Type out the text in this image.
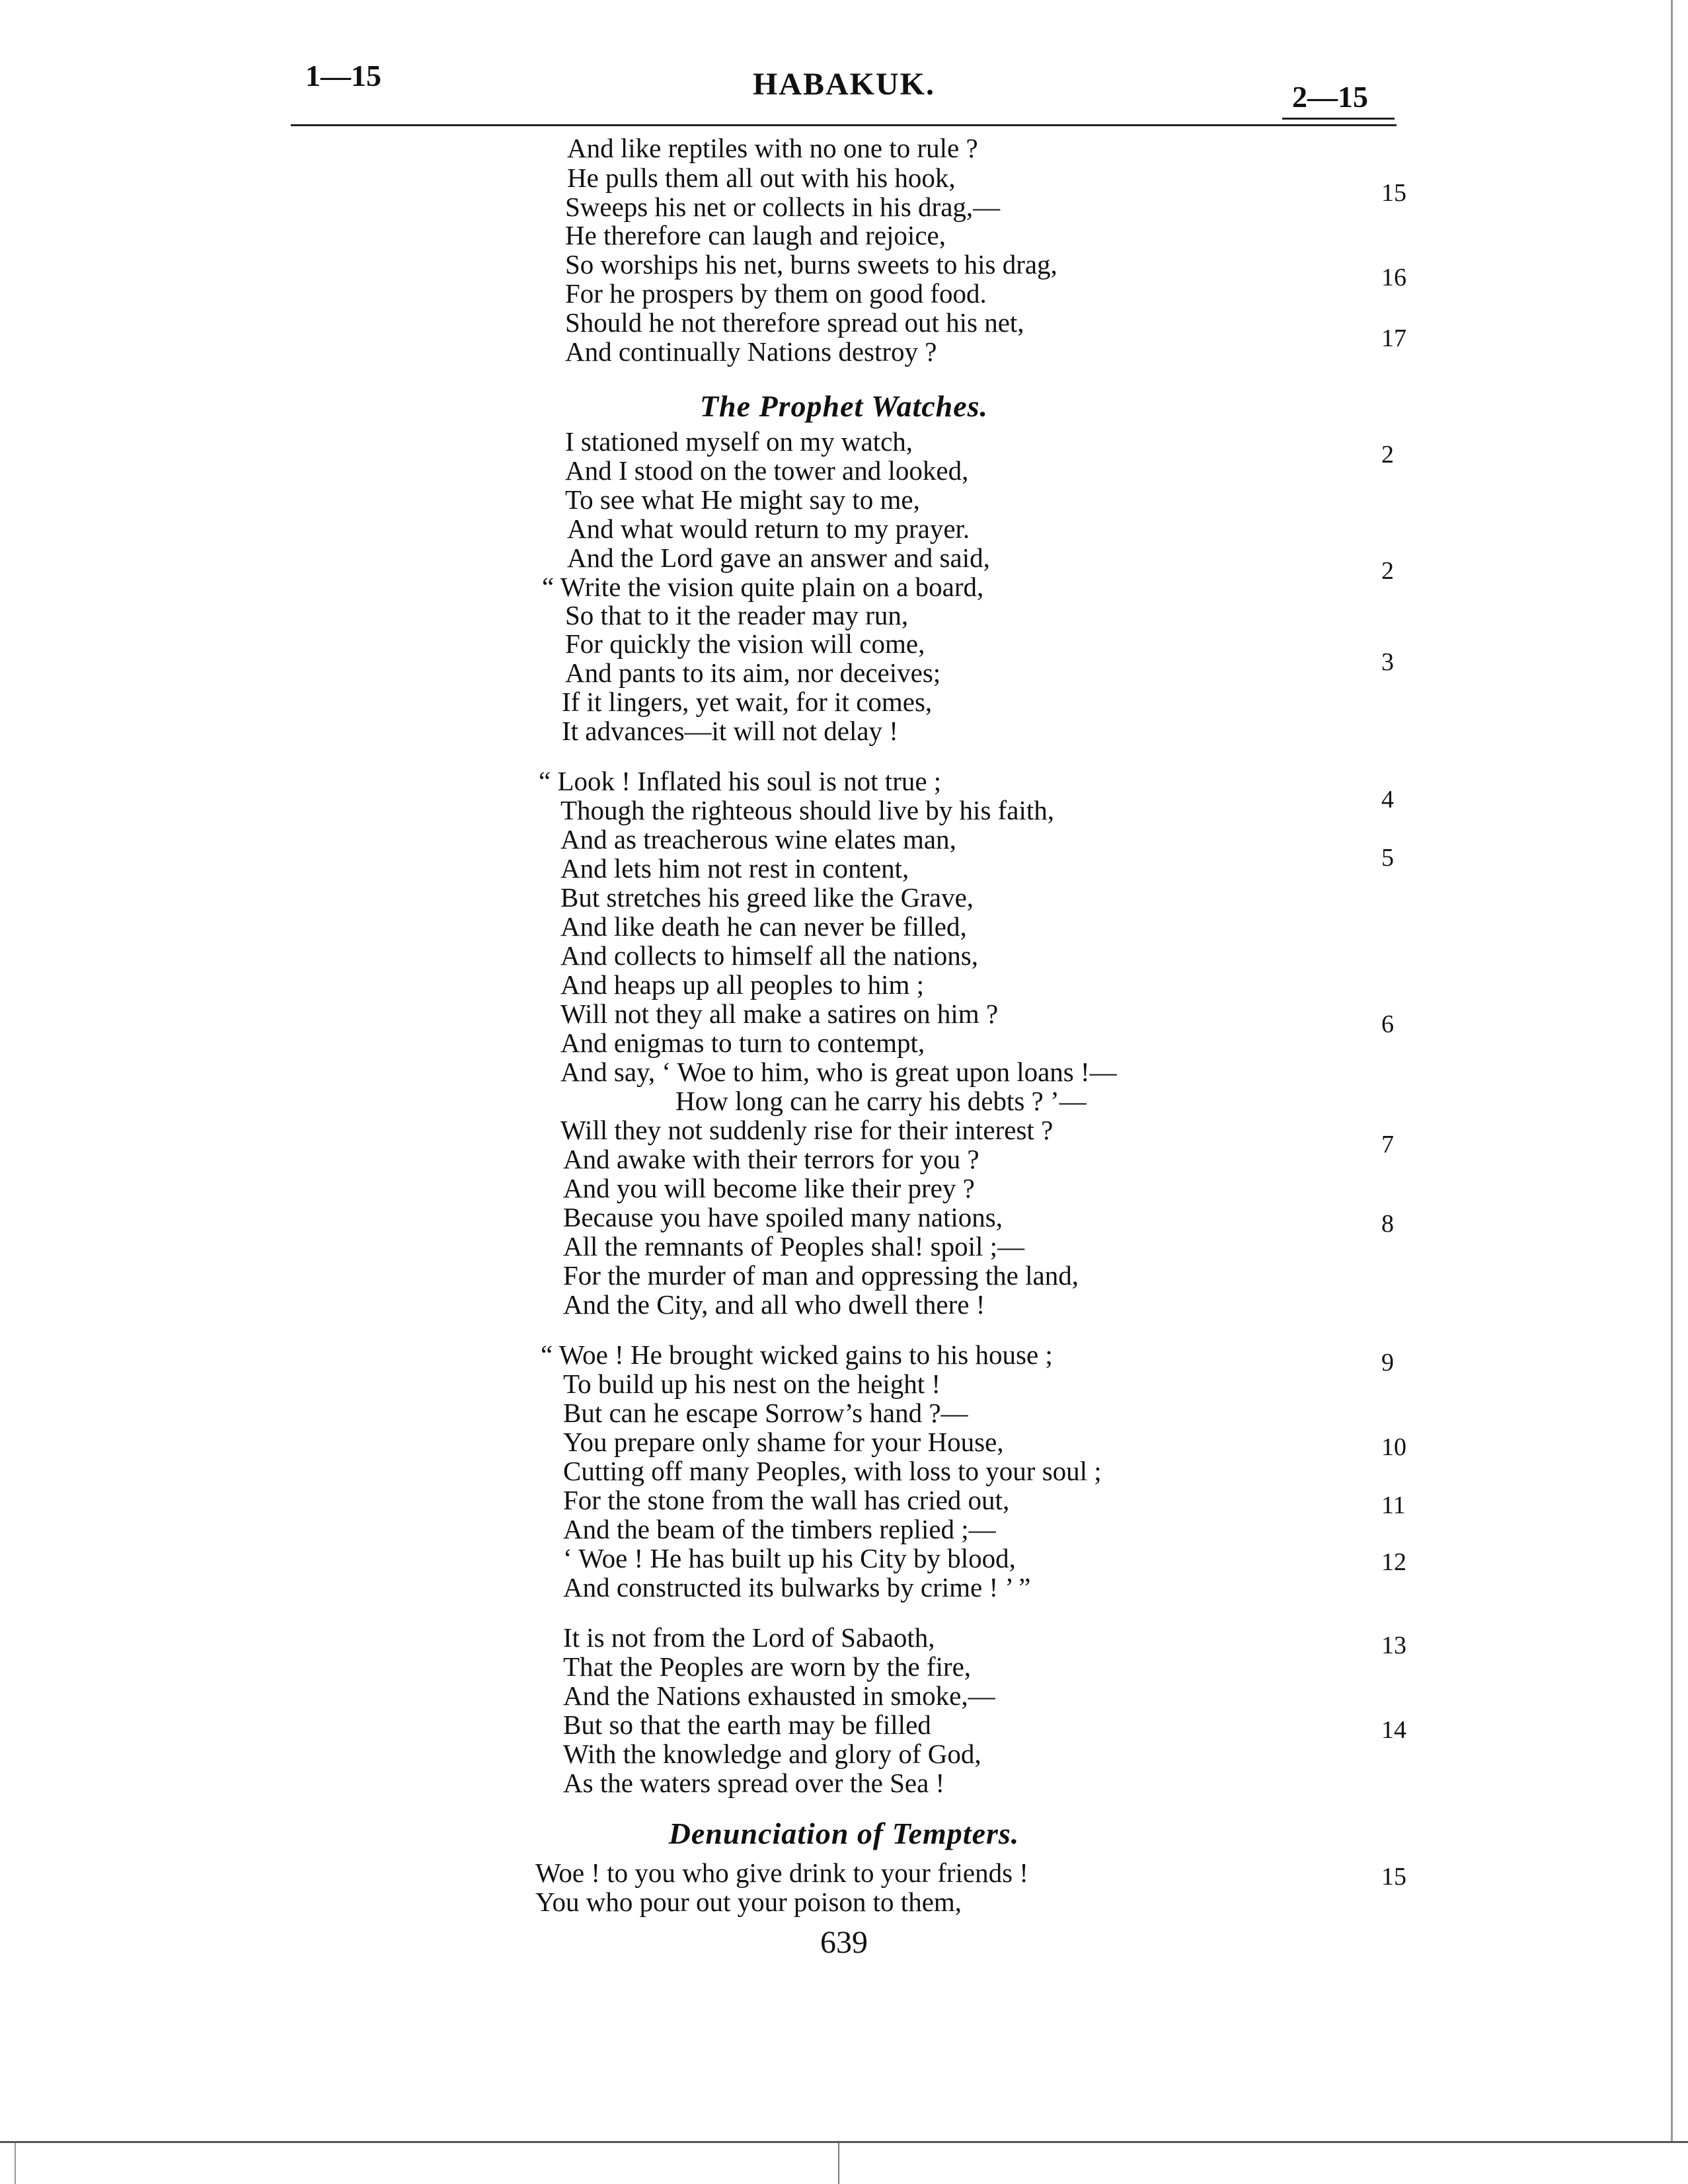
1—15	HABAKUK.	2—15
And like reptiles with no one to rule ?
He pulls them all out with his hook,
Sweeps his net or collects in his drag,—
He therefore can laugh and rejoice,
So worships his net, burns sweets to his drag,
For he prospers by them on good food.
Should he not therefore spread out his net,
And continually Nations destroy ?
I stationed myself on my watch,
And I stood on the tower and looked,
To see what He might say to me,
And what would return to my prayer.
And the Lord gave an answer and said,
“ Write the vision quite plain on a board,
So that to it the reader may run,
For quickly the vision will come,
And pants to its aim, nor deceives;
If it lingers, yet wait, for it comes,
It advances—it will not delay !
“ Look ! Inflated his soul is not true ;
Though the righteous should live by his faith,
And as treacherous wine elates man,
And lets him not rest in content,
But stretches his greed like the Grave,
And like death he can never be filled,
And collects to himself all the nations,
And heaps up all peoples to him ;
Will not they all make a satires on him ?
And enigmas to turn to contempt,
And say, ‘ Woe to him, who is great upon loans !—
How long can he carry his debts ? ’—
Will they not suddenly rise for their interest ?
And awake with their terrors for you ?
And you will become like their prey ?
Because you have spoiled many nations,
All the remnants of Peoples shal! spoil ;—
For the murder of man and oppressing the land,
And the City, and all who dwell there !
“ Woe ! He brought wicked gains to his house ;
To build up his nest on the height !
But can he escape Sorrow’s hand ?—
You prepare only shame for your House,
Cutting off many Peoples, with loss to your soul ;
For the stone from the wall has cried out,
And the beam of the timbers replied ;—
‘ Woe ! He has built up his City by blood,
And constructed its bulwarks by crime ! ’ ”
It is not from the Lord of Sabaoth,
That the Peoples are worn by the fire,
And the Nations exhausted in smoke,—
But so that the earth may be filled
With the knowledge and glory of God,
As the waters spread over the Sea !
Woe ! to you who give drink to your friends !
You who pour out your poison to them,
The Prophet Watches.
Denunciation of Tempters.
15
16
17
2
2
3
4
5
6
7
8
9
10
11
12
13
14
15
639
